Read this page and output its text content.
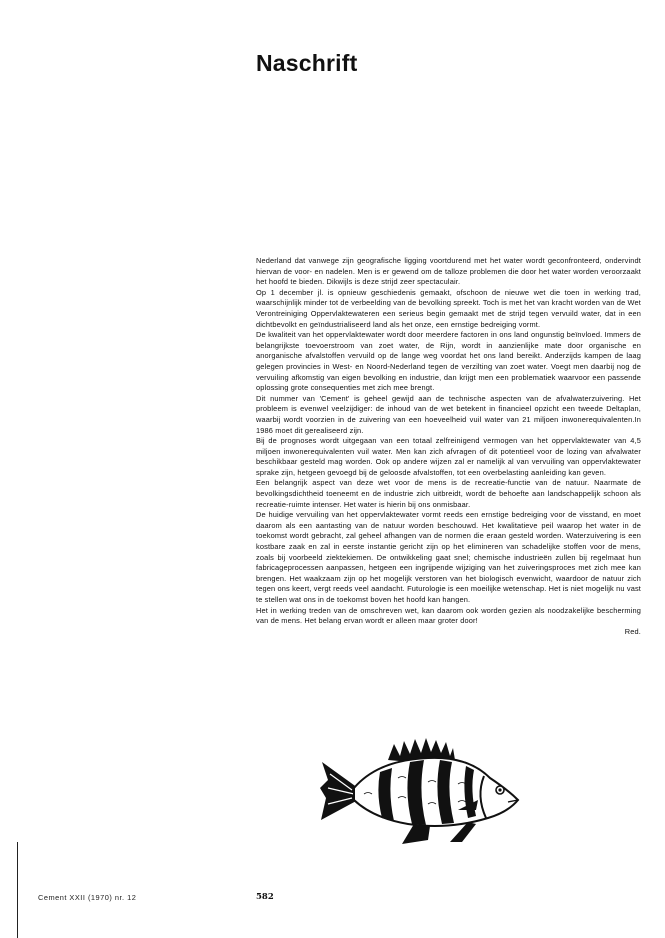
Naschrift

Nederland dat vanwege zijn geografische ligging voortdurend met het water wordt geconfronteerd, ondervindt hiervan de voor- en nadelen. Men is er gewend om de talloze problemen die door het water worden veroorzaakt het hoofd te bieden. Dikwijls is deze strijd zeer spectaculair.

Op 1 december jl. is opnieuw geschiedenis gemaakt, ofschoon de nieuwe wet die toen in werking trad, waarschijnlijk minder tot de verbeelding van de bevolking spreekt. Toch is met het van kracht worden van de Wet Verontreiniging Oppervlaktewateren een serieus begin gemaakt met de strijd tegen vervuild water, dat in een dichtbevolkt en geïndustrialiseerd land als het onze, een ernstige bedreiging vormt.

De kwaliteit van het oppervlaktewater wordt door meerdere factoren in ons land ongunstig beïnvloed. Immers de belangrijkste toevoerstroom van zoet water, de Rijn, wordt in aanzienlijke mate door organische en anorganische afvalstoffen vervuild op de lange weg voordat het ons land bereikt. Anderzijds kampen de laag gelegen provincies in West- en Noord-Nederland tegen de verzilting van zoet water. Voegt men daarbij nog de vervuiling afkomstig van eigen bevolking en industrie, dan krijgt men een problematiek waarvoor een passende oplossing grote consequenties met zich mee brengt.

Dit nummer van 'Cement' is geheel gewijd aan de technische aspecten van de afvalwaterzuivering. Het probleem is evenwel veelzijdiger: de inhoud van de wet betekent in financieel opzicht een tweede Deltaplan, waarbij wordt voorzien in de zuivering van een hoeveelheid vuil water van 21 miljoen inwonerequivalenten.In 1986 moet dit gerealiseerd zijn.

Bij de prognoses wordt uitgegaan van een totaal zelfreinigend vermogen van het oppervlaktewater van 4,5 miljoen inwonerequivalenten vuil water. Men kan zich afvragen of dit potentieel voor de lozing van afvalwater beschikbaar gesteld mag worden. Ook op andere wijzen zal er namelijk al van vervuiling van oppervlaktewater sprake zijn, hetgeen gevoegd bij de geloosde afvalstoffen, tot een overbelasting aanleiding kan geven.

Een belangrijk aspect van deze wet voor de mens is de recreatie-functie van de natuur. Naarmate de bevolkingsdichtheid toeneemt en de industrie zich uitbreidt, wordt de behoefte aan landschappelijk schoon als recreatie-ruimte intenser. Het water is hierin bij ons onmisbaar.

De huidige vervuiling van het oppervlaktewater vormt reeds een ernstige bedreiging voor de visstand, en moet daarom als een aantasting van de natuur worden beschouwd. Het kwalitatieve peil waarop het water in de toekomst wordt gebracht, zal geheel afhangen van de normen die eraan gesteld worden. Waterzuivering is een kostbare zaak en zal in eerste instantie gericht zijn op het elimineren van schadelijke stoffen voor de mens, zoals bij voorbeeld ziektekiemen. De ontwikkeling gaat snel; chemische industrieën zullen bij regelmaat hun fabricageprocessen aanpassen, hetgeen een ingrijpende wijziging van het zuiveringsproces met zich mee kan brengen. Het waakzaam zijn op het mogelijk verstoren van het biologisch evenwicht, waardoor de natuur zich tegen ons keert, vergt reeds veel aandacht. Futurologie is een moeilijke wetenschap. Het is niet mogelijk nu vast te stellen wat ons in de toekomst boven het hoofd kan hangen.

Het in werking treden van de omschreven wet, kan daarom ook worden gezien als noodzakelijke bescherming van de mens. Het belang ervan wordt er alleen maar groter door!

Red.

Cement XXII (1970) nr. 12	582
